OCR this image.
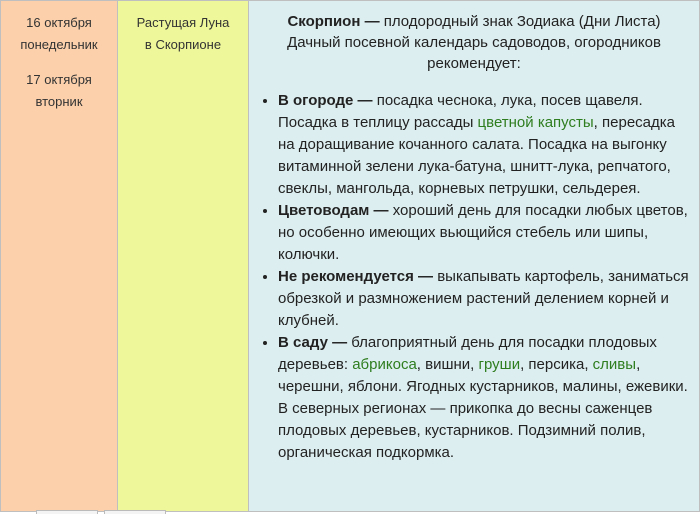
16 октября
понедельник
17 октября
вторник
Растущая Луна
в Скорпионе
Скорпион — плодородный знак Зодиака (Дни Листа)
Дачный посевной календарь садоводов, огородников
рекомендует:
• В огороде — посадка чеснока, лука, посев щавеля. Посадка в теплицу рассады цветной капусты, пересадка на доращивание кочанного салата. Посадка на выгонку витаминной зелени лука-батуна, шнитт-лука, репчатого, свеклы, мангольда, корневых петрушки, сельдерея.
• Цветоводам — хороший день для посадки любых цветов, но особенно имеющих вьющийся стебель или шипы, колючки.
• Не рекомендуется — выкапывать картофель, заниматься обрезкой и размножением растений делением корней и клубней.
• В саду — благоприятный день для посадки плодовых деревьев: абрикоса, вишни, груши, персика, сливы, черешни, яблони. Ягодных кустарников, малины, ежевики. В северных регионах — прикопка до весны саженцев плодовых деревьев, кустарников. Подзимний полив, органическая подкормка.
